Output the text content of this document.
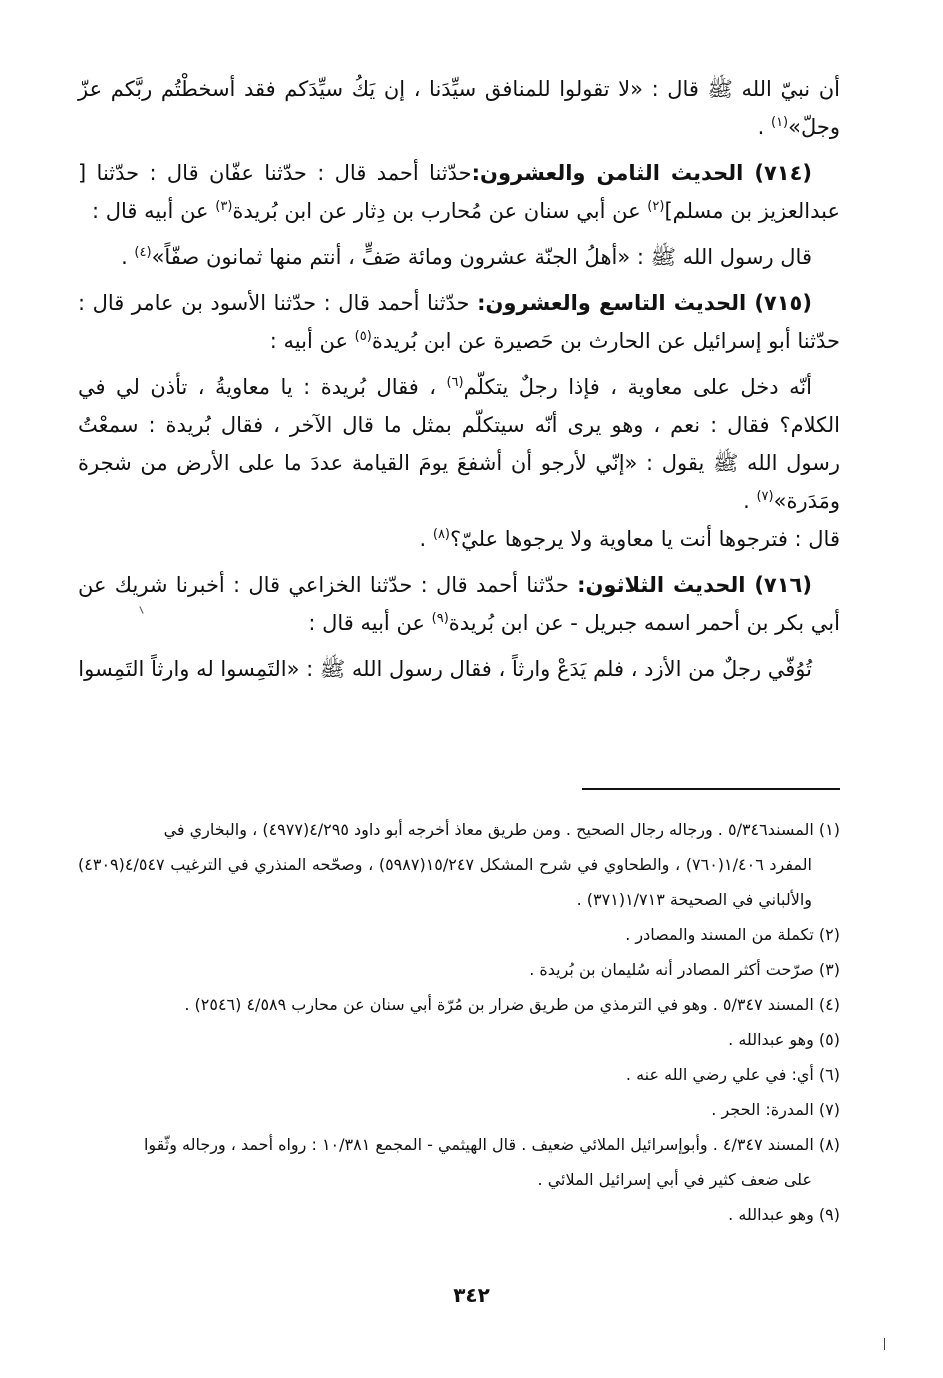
أن نبيّ الله ﷺ قال : «لا تقولوا للمنافق سيِّدَنا ، إن يَكُ سيِّدَكم فقد أسخطْتُم ربَّكم عزّ وجلّ»$^{(١)}$ .

(٧١٤) الحديث الثامن والعشرون:حدّثنا أحمد قال : حدّثنا عفّان قال : حدّثنا [ عبدالعزيز بن مسلم]$^{(٢)}$ عن أبي سنان عن مُحارب بن دِثار عن ابن بُريدة$^{(٣)}$ عن أبيه قال :

قال رسول الله ﷺ : «أهلُ الجنّة عشرون ومائة صَفٍّ ، أنتم منها ثمانون صفّاً»$^{(٤)}$ .

(٧١٥) الحديث التاسع والعشرون: حدّثنا أحمد قال : حدّثنا الأسود بن عامر قال : حدّثنا أبو إسرائيل عن الحارث بن حَصيرة عن ابن بُريدة$^{(٥)}$ عن أبيه :

أنّه دخل على معاوية ، فإذا رجلٌ يتكلّم$^{(٦)}$ ، فقال بُريدة : يا معاويةُ ، تأذن لي في الكلام؟ فقال : نعم ، وهو يرى أنّه سيتكلّم بمثل ما قال الآخر ، فقال بُريدة : سمعْتُ رسول الله ﷺ يقول : «إنّي لأرجو أن أشفعَ يومَ القيامة عددَ ما على الأرض من شجرة ومَدَرة»$^{(٧)}$ .

قال : فترجوها أنت يا معاوية ولا يرجوها عليّ؟$^{(٨)}$ .

(٧١٦) الحديث الثلاثون: حدّثنا أحمد قال : حدّثنا الخزاعي قال : أخبرنا شريك عن أبي بكر بن أحمر اسمه جبريل - عن ابن بُريدة$^{(٩)}$ عن أبيه قال :

تُوُفّي رجلٌ من الأزد ، فلم يَدَعْ وارثاً ، فقال رسول الله ﷺ : «التَمِسوا له وارثاً التَمِسوا

(١) المسند٥/٣٤٦ . ورجاله رجال الصحيح . ومن طريق معاذ أخرجه أبو داود ٤/٢٩٥(٤٩٧٧) ، والبخاري في
المفرد ١/٤٠٦(٧٦٠) ، والطحاوي في شرح المشكل ١٥/٢٤٧(٥٩٨٧) ، وصحّحه المنذري في الترغيب ٤/٥٤٧(٤٣٠٩) والألباني في الصحيحة ١/٧١٣(٣٧١) .

(٢) تكملة من المسند والمصادر .

(٣) صرّحت أكثر المصادر أنه سُليمان بن بُريدة .

(٤) المسند ٥/٣٤٧ . وهو في الترمذي من طريق ضرار بن مُرّة أبي سنان عن محارب ٤/٥٨٩ (٢٥٤٦) .

(٥) وهو عبدالله .

(٦) أي: في علي رضي الله عنه .

(٧) المدرة: الحجر .

(٨) المسند ٤/٣٤٧ . وأبوإسرائيل الملائي ضعيف . قال الهيثمي - المجمع ١٠/٣٨١ : رواه أحمد ، ورجاله وثّقوا
على ضعف كثير في أبي إسرائيل الملائي .

(٩) وهو عبدالله .

٣٤٢
